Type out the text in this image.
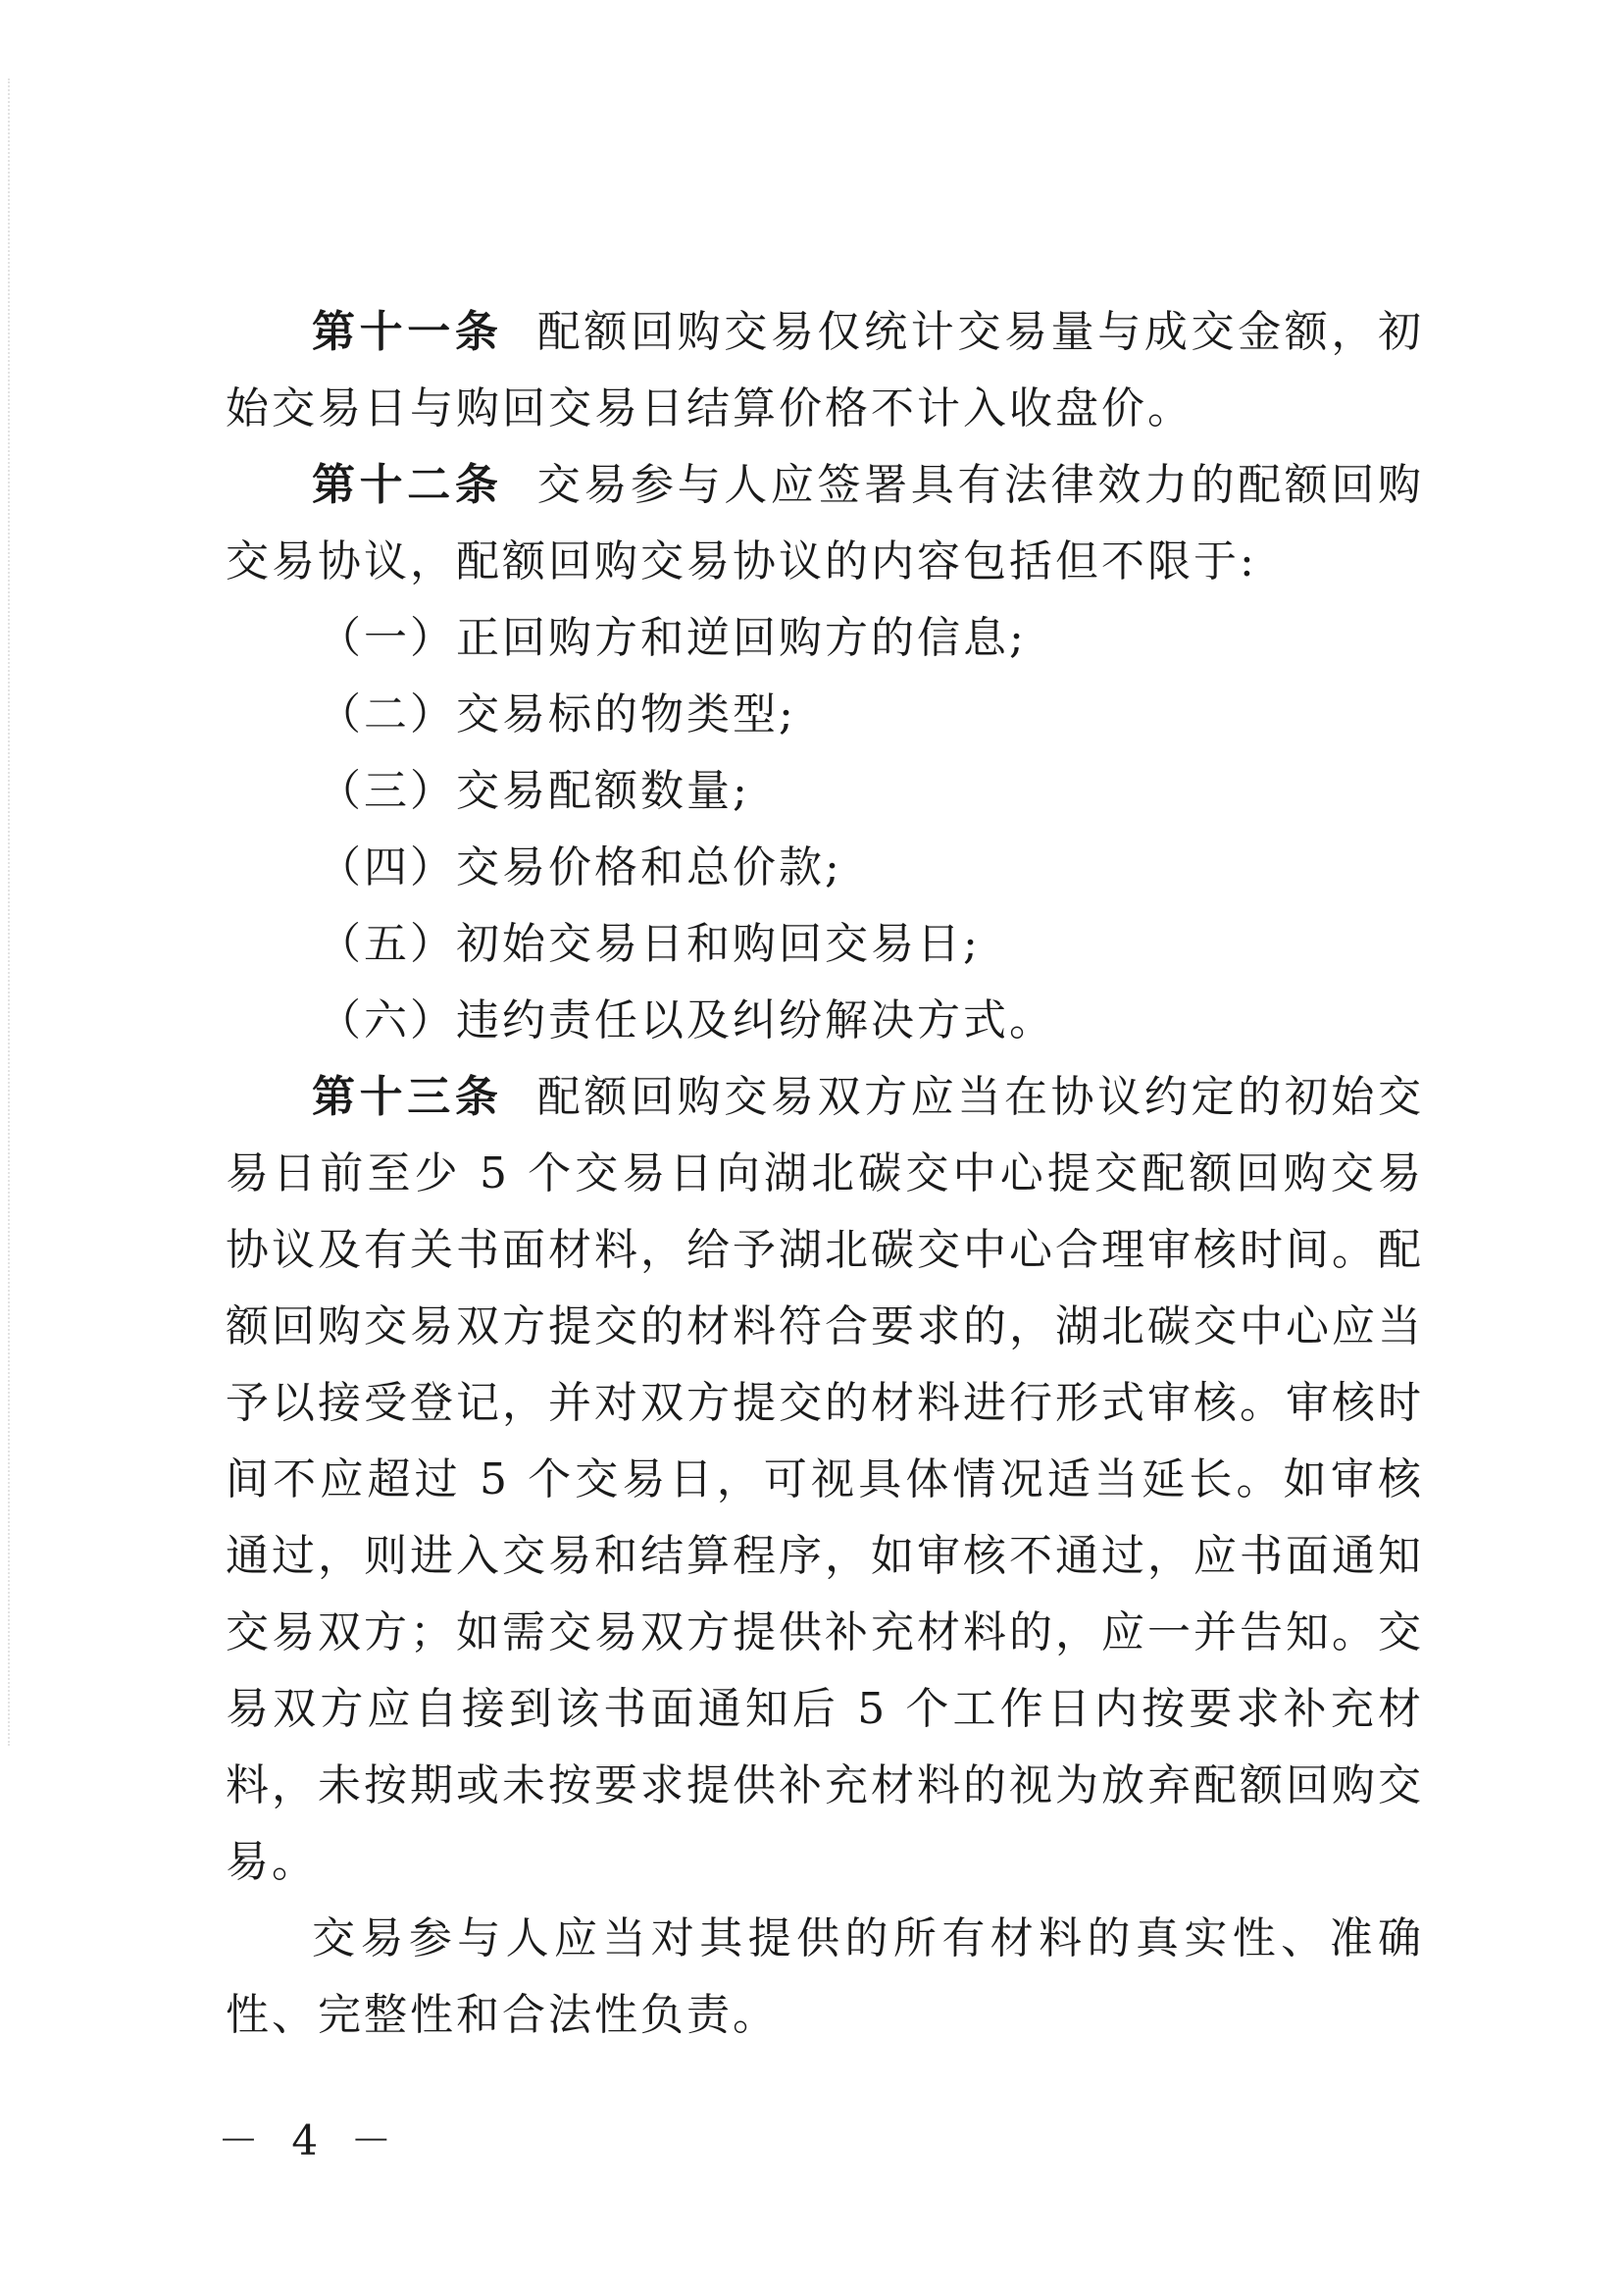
第十一条 配额回购交易仅统计交易量与成交金额，初始交易日与购回交易日结算价格不计入收盘价。

第十二条 交易参与人应签署具有法律效力的配额回购交易协议，配额回购交易协议的内容包括但不限于:

（一）正回购方和逆回购方的信息;

（二）交易标的物类型;

（三）交易配额数量;

（四）交易价格和总价款;

（五）初始交易日和购回交易日;

（六）违约责任以及纠纷解决方式。

第十三条 配额回购交易双方应当在协议约定的初始交易日前至少 5 个交易日向湖北碳交中心提交配额回购交易协议及有关书面材料，给予湖北碳交中心合理审核时间。配额回购交易双方提交的材料符合要求的，湖北碳交中心应当予以接受登记，并对双方提交的材料进行形式审核。审核时间不应超过 5 个交易日，可视具体情况适当延长。如审核通过，则进入交易和结算程序，如审核不通过，应书面通知交易双方；如需交易双方提供补充材料的，应一并告知。交易双方应自接到该书面通知后 5 个工作日内按要求补充材料，未按期或未按要求提供补充材料的视为放弃配额回购交易。

交易参与人应当对其提供的所有材料的真实性、准确性、完整性和合法性负责。

－ 4 －
